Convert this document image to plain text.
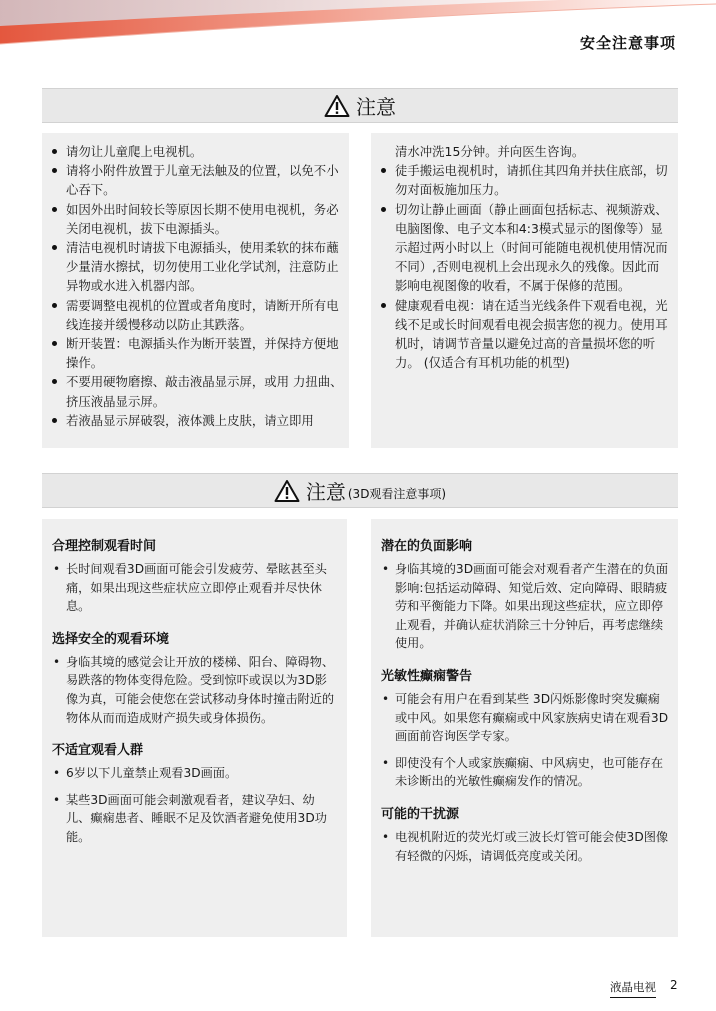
安全注意事项
注意
请勿让儿童爬上电视机。
请将小附件放置于儿童无法触及的位置，以免不小心吞下。
如因外出时间较长等原因长期不使用电视机，务必关闭电视机，拔下电源插头。
清洁电视机时请拔下电源插头，使用柔软的抹布蘸少量清水擦拭，切勿使用工业化学试剂，注意防止异物或水进入机器内部。
需要调整电视机的位置或者角度时，请断开所有电线连接并缓慢移动以防止其跌落。
断开装置：电源插头作为断开装置，并保持方便地操作。
不要用硬物磨擦、敲击液晶显示屏，或用 力扭曲、挤压液晶显示屏。
若液晶显示屏破裂，液体溅上皮肤，请立即用
清水冲洗15分钟。并向医生咨询。
徒手搬运电视机时，请抓住其四角并扶住底部，切勿对面板施加压力。
切勿让静止画面（静止画面包括标志、视频游戏、电脑图像、电子文本和4:3模式显示的图像等）显示超过两小时以上（时间可能随电视机使用情况而不同）,否则电视机上会出现永久的残像。因此而影响电视图像的收看，不属于保修的范围。
健康观看电视：请在适当光线条件下观看电视，光线不足或长时间观看电视会损害您的视力。使用耳机时，请调节音量以避免过高的音量损坏您的听力。 (仅适合有耳机功能的机型)
注意 (3D观看注意事项)
合理控制观看时间
• 长时间观看3D画面可能会引发疲劳、晕眩甚至头痛，如果出现这些症状应立即停止观看并尽快休息。
选择安全的观看环境
• 身临其境的感觉会让开放的楼梯、阳台、障碍物、易跌落的物体变得危险。受到惊吓或误以为3D影像为真，可能会使您在尝试移动身体时撞击附近的物体从而而造成财产损失或身体损伤。
不适宜观看人群
• 6岁以下儿童禁止观看3D画面。
• 某些3D画面可能会刺激观看者，建议孕妇、幼儿、癫痫患者、睡眠不足及饮酒者避免使用3D功能。
潜在的负面影响
• 身临其境的3D画面可能会对观看者产生潜在的负面影响:包括运动障碍、知觉后效、定向障碍、眼睛疲劳和平衡能力下降。如果出现这些症状，应立即停止观看，并确认症状消除三十分钟后，再考虑继续使用。
光敏性癫痫警告
• 可能会有用户在看到某些 3D闪烁影像时突发癫痫或中风。如果您有癫痫或中风家族病史请在观看3D画面前咨询医学专家。
• 即使没有个人或家族癫痫、中风病史，也可能存在未诊断出的光敏性癫痫发作的情况。
可能的干扰源
• 电视机附近的荧光灯或三波长灯管可能会使3D图像有轻微的闪烁，请调低亮度或关闭。
液晶电视 2
